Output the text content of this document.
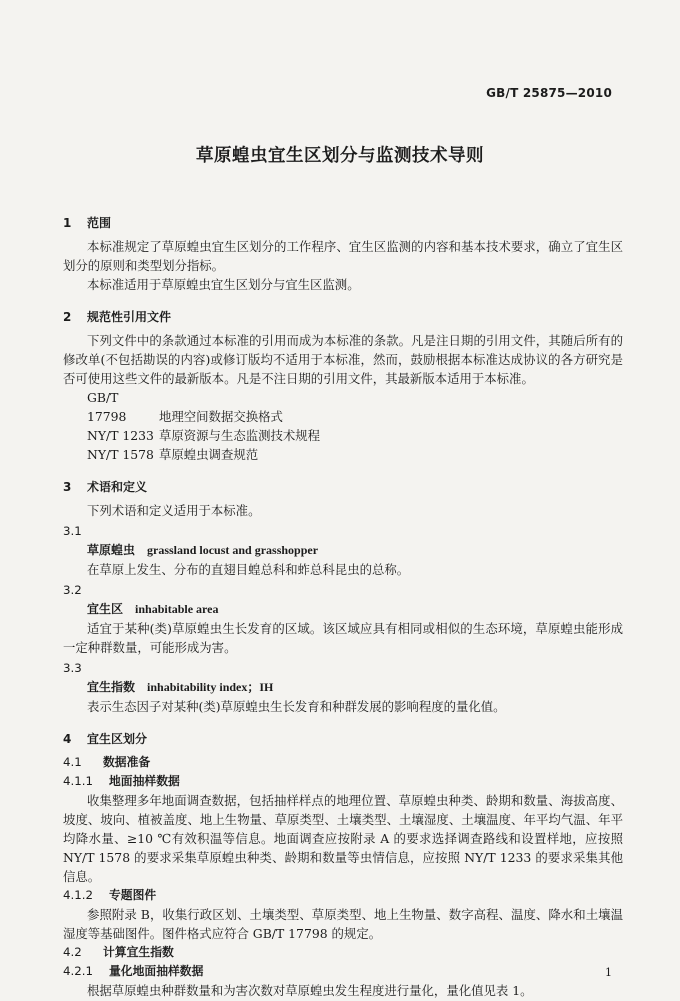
GB/T 25875—2010
草原蝗虫宜生区划分与监测技术导则
1 范围

本标准规定了草原蝗虫宜生区划分的工作程序、宜生区监测的内容和基本技术要求，确立了宜生区划分的原则和类型划分指标。

本标准适用于草原蝗虫宜生区划分与宜生区监测。

2 规范性引用文件

下列文件中的条款通过本标准的引用而成为本标准的条款。凡是注日期的引用文件，其随后所有的修改单(不包括勘误的内容)或修订版均不适用于本标准，然而，鼓励根据本标准达成协议的各方研究是否可使用这些文件的最新版本。凡是不注日期的引用文件，其最新版本适用于本标准。

GB/T 17798	地理空间数据交换格式
NY/T 1233 草原资源与生态监测技术规程
NY/T 1578 草原蝗虫调查规范
3 术语和定义

下列术语和定义适用于本标准。

3.1
草原蝗虫 grassland locust and grasshopper

在草原上发生、分布的直翅目蝗总科和蚱总科昆虫的总称。

3.2
宜生区 inhabitable area

适宜于某种(类)草原蝗虫生长发育的区域。该区域应具有相同或相似的生态环境，草原蝗虫能形成一定种群数量，可能形成为害。

3.3
宜生指数 inhabitability index；IH

表示生态因子对某种(类)草原蝗虫生长发育和种群发展的影响程度的量化值。

4 宜生区划分
4.1 数据准备
4.1.1 地面抽样数据

收集整理多年地面调查数据，包括抽样样点的地理位置、草原蝗虫种类、龄期和数量、海拔高度、坡度、坡向、植被盖度、地上生物量、草原类型、土壤类型、土壤湿度、土壤温度、年平均气温、年平均降水量、≥10 ℃有效积温等信息。地面调查应按附录 A 的要求选择调查路线和设置样地，应按照 NY/T 1578 的要求采集草原蝗虫种类、龄期和数量等虫情信息，应按照 NY/T 1233 的要求采集其他信息。

4.1.2 专题图件

参照附录 B，收集行政区划、土壤类型、草原类型、地上生物量、数字高程、温度、降水和土壤温湿度等基础图件。图件格式应符合 GB/T 17798 的规定。

4.2 计算宜生指数
4.2.1 量化地面抽样数据

根据草原蝗虫种群数量和为害次数对草原蝗虫发生程度进行量化，量化值见表 1。

1
